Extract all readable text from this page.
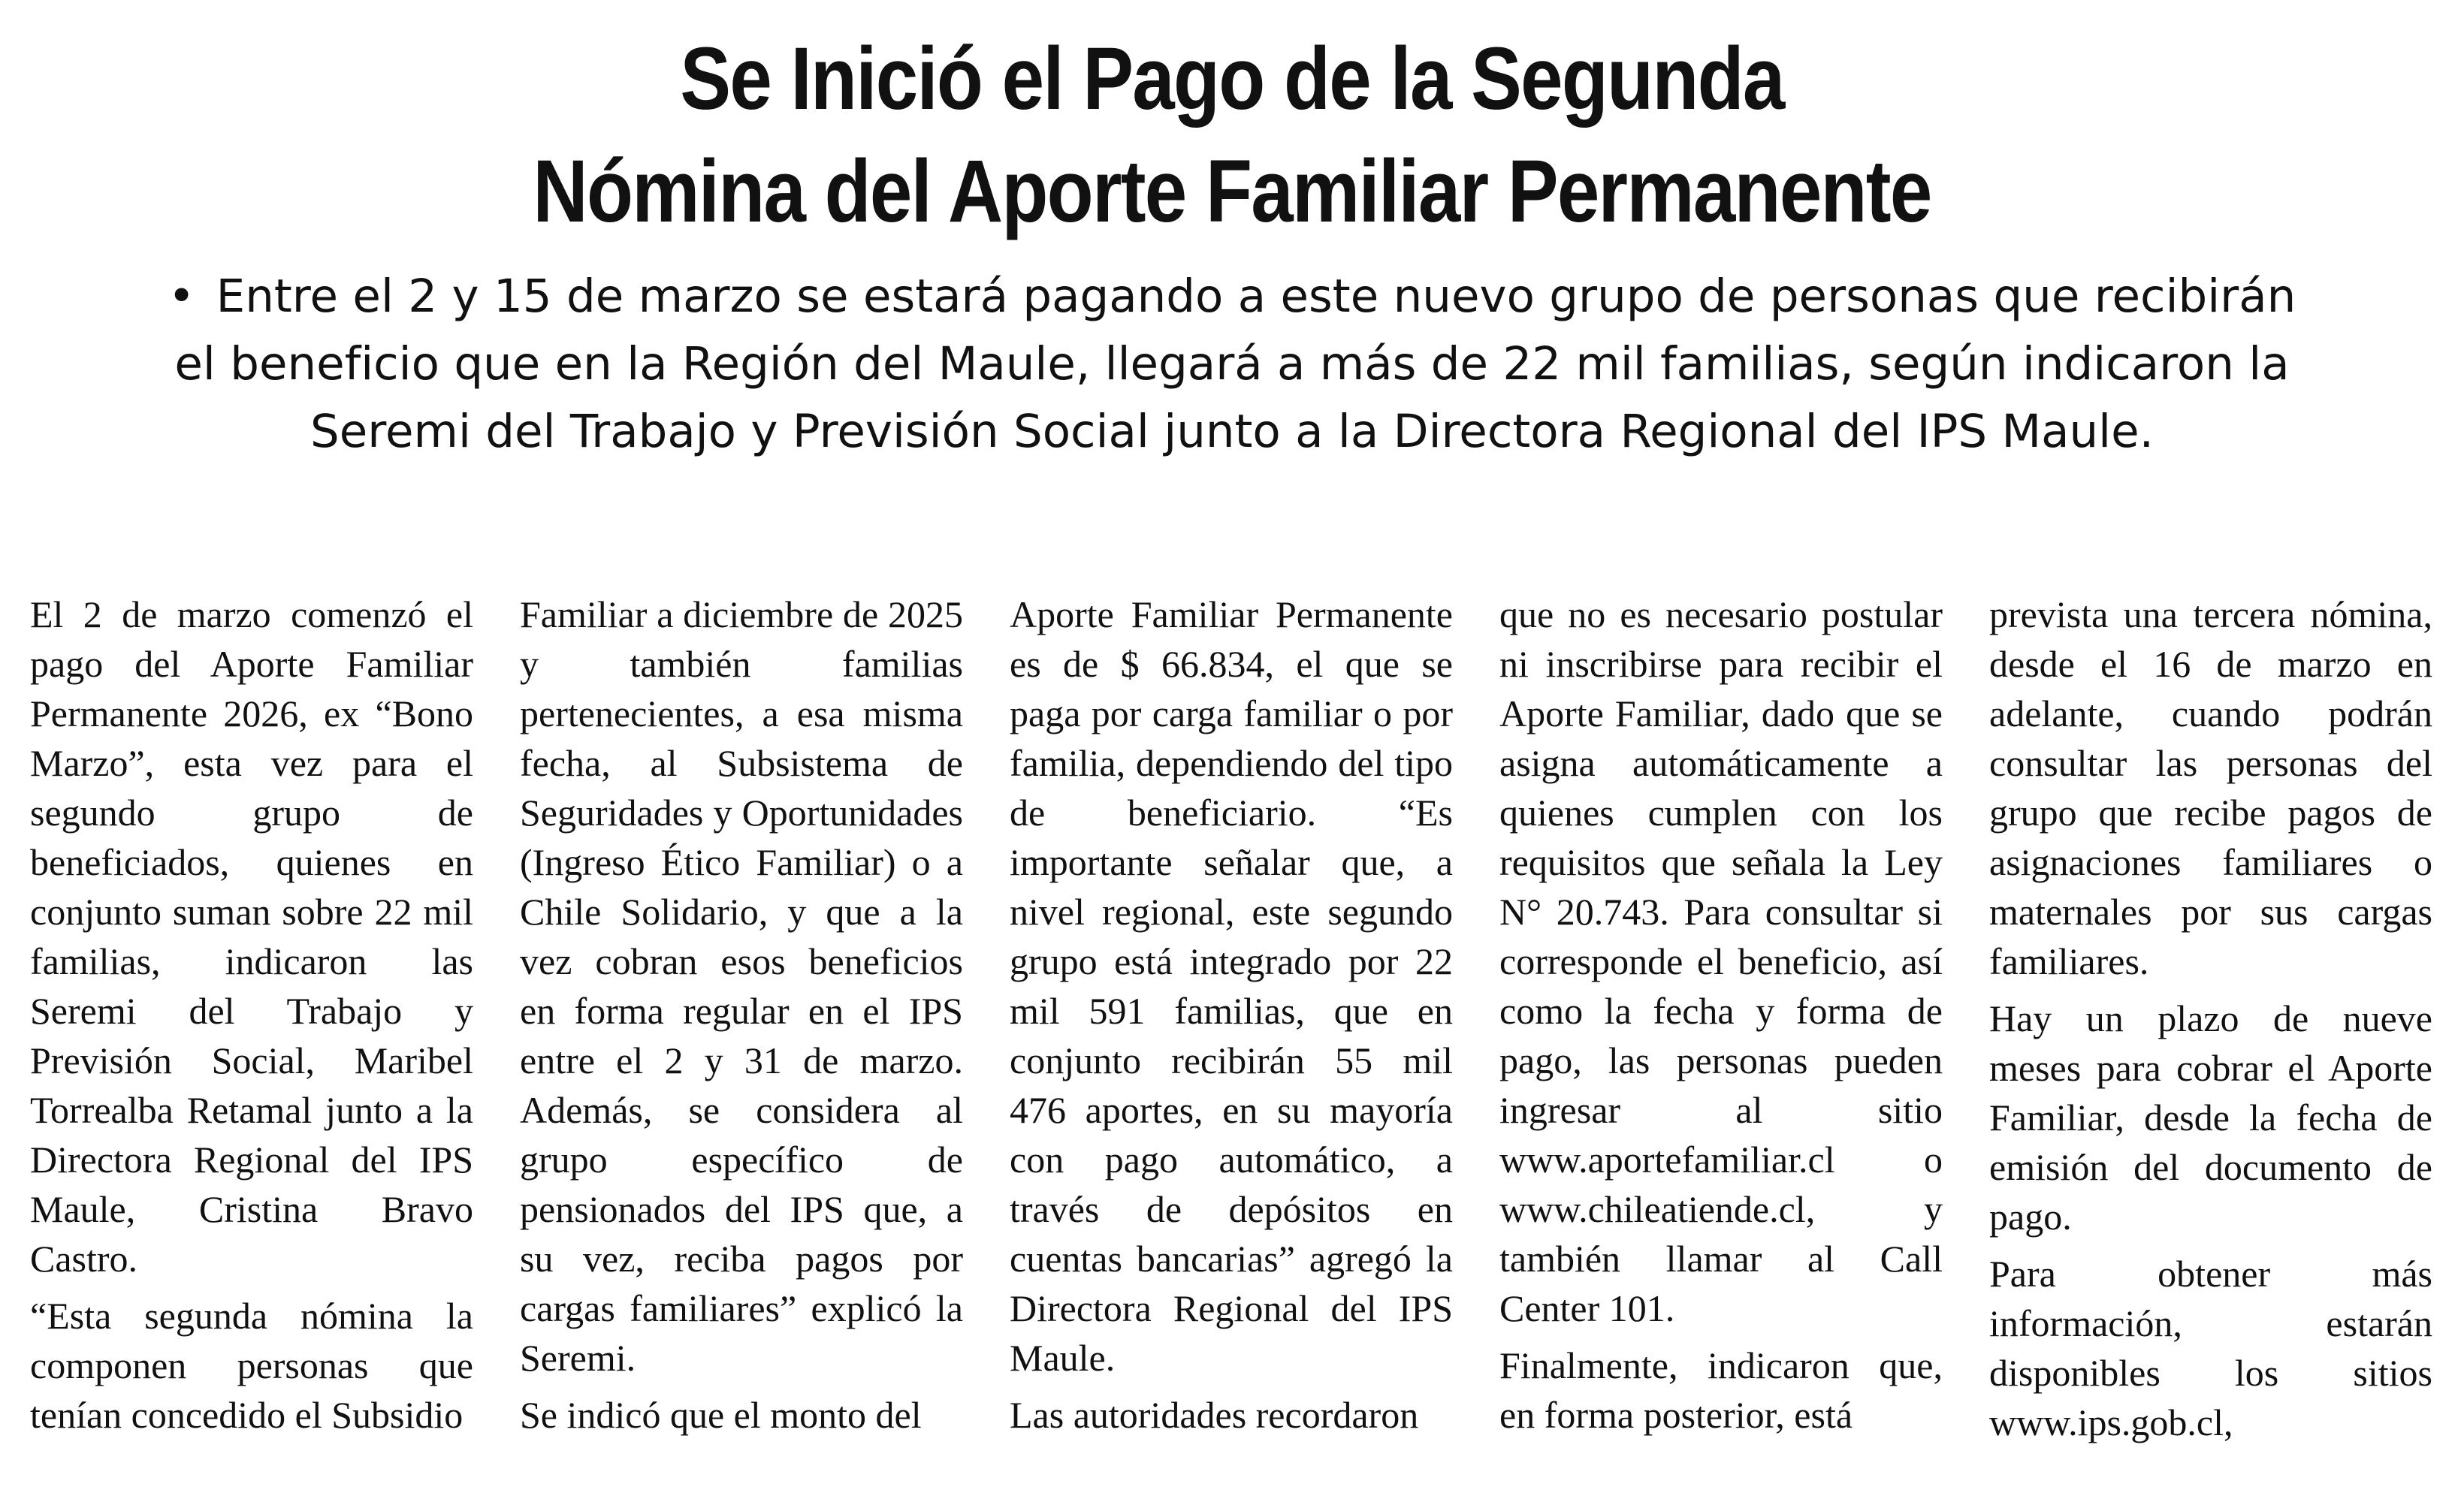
Se Inició el Pago de la Segunda
Nómina del Aporte Familiar Permanente

• Entre el 2 y 15 de marzo se estará pagando a este nuevo grupo de personas que recibirán el beneficio que en la Región del Maule, llegará a más de 22 mil familias, según indicaron la Seremi del Trabajo y Previsión Social junto a la Directora Regional del IPS Maule.

El 2 de marzo comenzó el pago del Aporte Familiar Permanente 2026, ex “Bono Marzo”, esta vez para el segundo grupo de beneficiados, quienes en conjunto suman sobre 22 mil familias, indicaron las Seremi del Trabajo y Previsión Social, Maribel Torrealba Retamal junto a la Directora Regional del IPS Maule, Cristina Bravo Castro.

“Esta segunda nómina la componen personas que tenían concedido el Subsidio

Familiar a diciembre de 2025 y también familias pertenecientes, a esa misma fecha, al Subsistema de Seguridades y Oportunidades (Ingreso Ético Familiar) o a Chile Solidario, y que a la vez cobran esos beneficios en forma regular en el IPS entre el 2 y 31 de marzo. Además, se considera al grupo específico de pensionados del IPS que, a su vez, reciba pagos por cargas familiares” explicó la Seremi.

Se indicó que el monto del

Aporte Familiar Permanente es de $ 66.834, el que se paga por carga familiar o por familia, dependiendo del tipo de beneficiario. “Es importante señalar que, a nivel regional, este segundo grupo está integrado por 22 mil 591 familias, que en conjunto recibirán 55 mil 476 aportes, en su mayoría con pago automático, a través de depósitos en cuentas bancarias” agregó la Directora Regional del IPS Maule.

Las autoridades recordaron

que no es necesario postular ni inscribirse para recibir el Aporte Familiar, dado que se asigna automáticamente a quienes cumplen con los requisitos que señala la Ley N° 20.743. Para consultar si corresponde el beneficio, así como la fecha y forma de pago, las personas pueden ingresar al sitio www.aportefamiliar.cl o www.chileatiende.cl, y también llamar al Call Center 101.

Finalmente, indicaron que, en forma posterior, está

prevista una tercera nómina, desde el 16 de marzo en adelante, cuando podrán consultar las personas del grupo que recibe pagos de asignaciones familiares o maternales por sus cargas familiares.

Hay un plazo de nueve meses para cobrar el Aporte Familiar, desde la fecha de emisión del documento de pago.

Para obtener más información, estarán disponibles los sitios www.ips.gob.cl,
